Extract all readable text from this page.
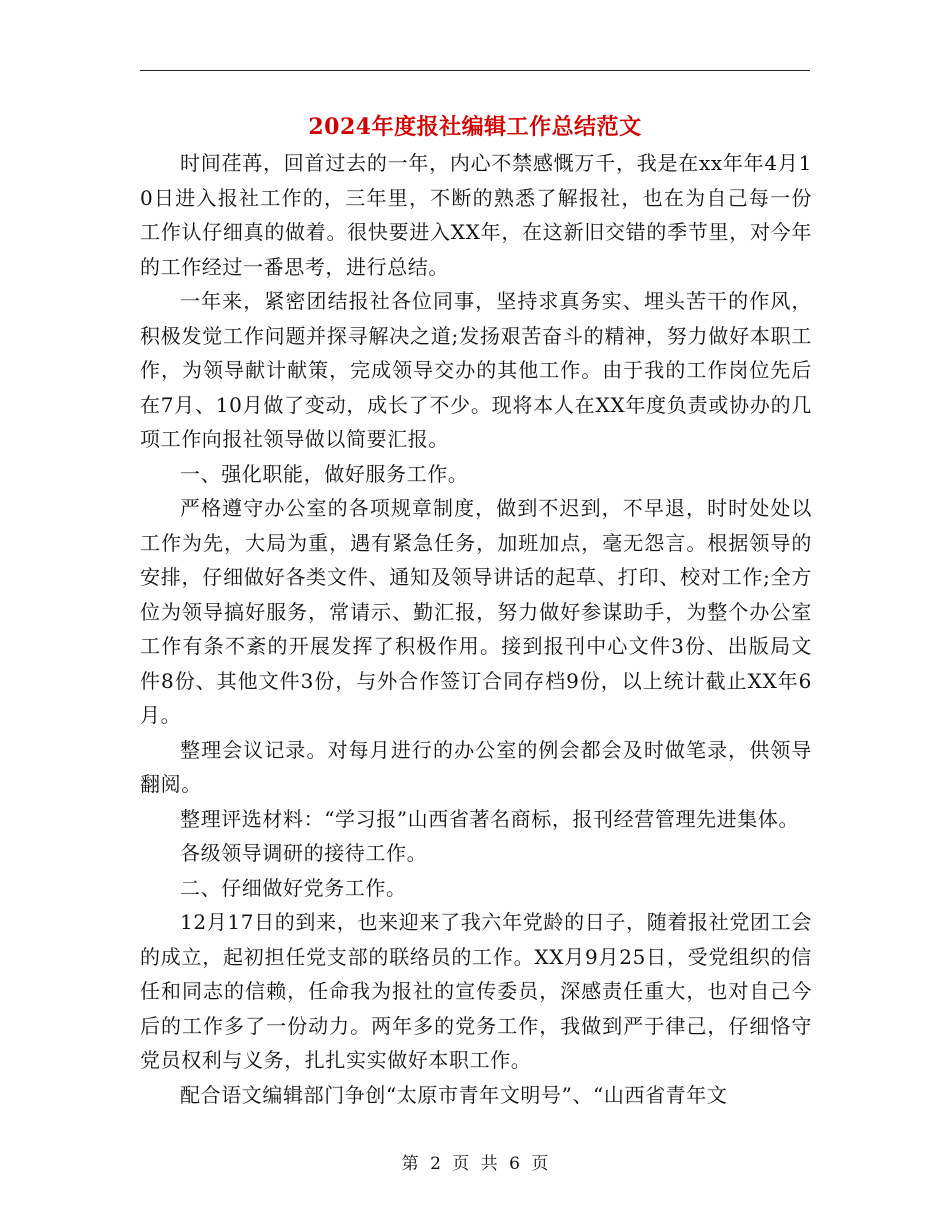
2024年度报社编辑工作总结范文

时间荏苒，回首过去的一年，内心不禁感慨万千，我是在xx年年4月10日进入报社工作的，三年里，不断的熟悉了解报社，也在为自己每一份工作认仔细真的做着。很快要进入XX年，在这新旧交错的季节里，对今年的工作经过一番思考，进行总结。

一年来，紧密团结报社各位同事，坚持求真务实、埋头苦干的作风，积极发觉工作问题并探寻解决之道;发扬艰苦奋斗的精神，努力做好本职工作，为领导献计献策，完成领导交办的其他工作。由于我的工作岗位先后在7月、10月做了变动，成长了不少。现将本人在XX年度负责或协办的几项工作向报社领导做以简要汇报。

一、强化职能，做好服务工作。

严格遵守办公室的各项规章制度，做到不迟到，不早退，时时处处以工作为先，大局为重，遇有紧急任务，加班加点，毫无怨言。根据领导的安排，仔细做好各类文件、通知及领导讲话的起草、打印、校对工作;全方位为领导搞好服务，常请示、勤汇报，努力做好参谋助手，为整个办公室工作有条不紊的开展发挥了积极作用。接到报刊中心文件3份、出版局文件8份、其他文件3份，与外合作签订合同存档9份，以上统计截止XX年6月。

整理会议记录。对每月进行的办公室的例会都会及时做笔录，供领导翻阅。

整理评选材料：“学习报”山西省著名商标，报刊经营管理先进集体。

各级领导调研的接待工作。

二、仔细做好党务工作。

12月17日的到来，也来迎来了我六年党龄的日子，随着报社党团工会的成立，起初担任党支部的联络员的工作。XX月9月25日，受党组织的信任和同志的信赖，任命我为报社的宣传委员，深感责任重大，也对自己今后的工作多了一份动力。两年多的党务工作，我做到严于律己，仔细恪守党员权利与义务，扎扎实实做好本职工作。

配合语文编辑部门争创“太原市青年文明号”、“山西省青年文

第 2 页 共 6 页
